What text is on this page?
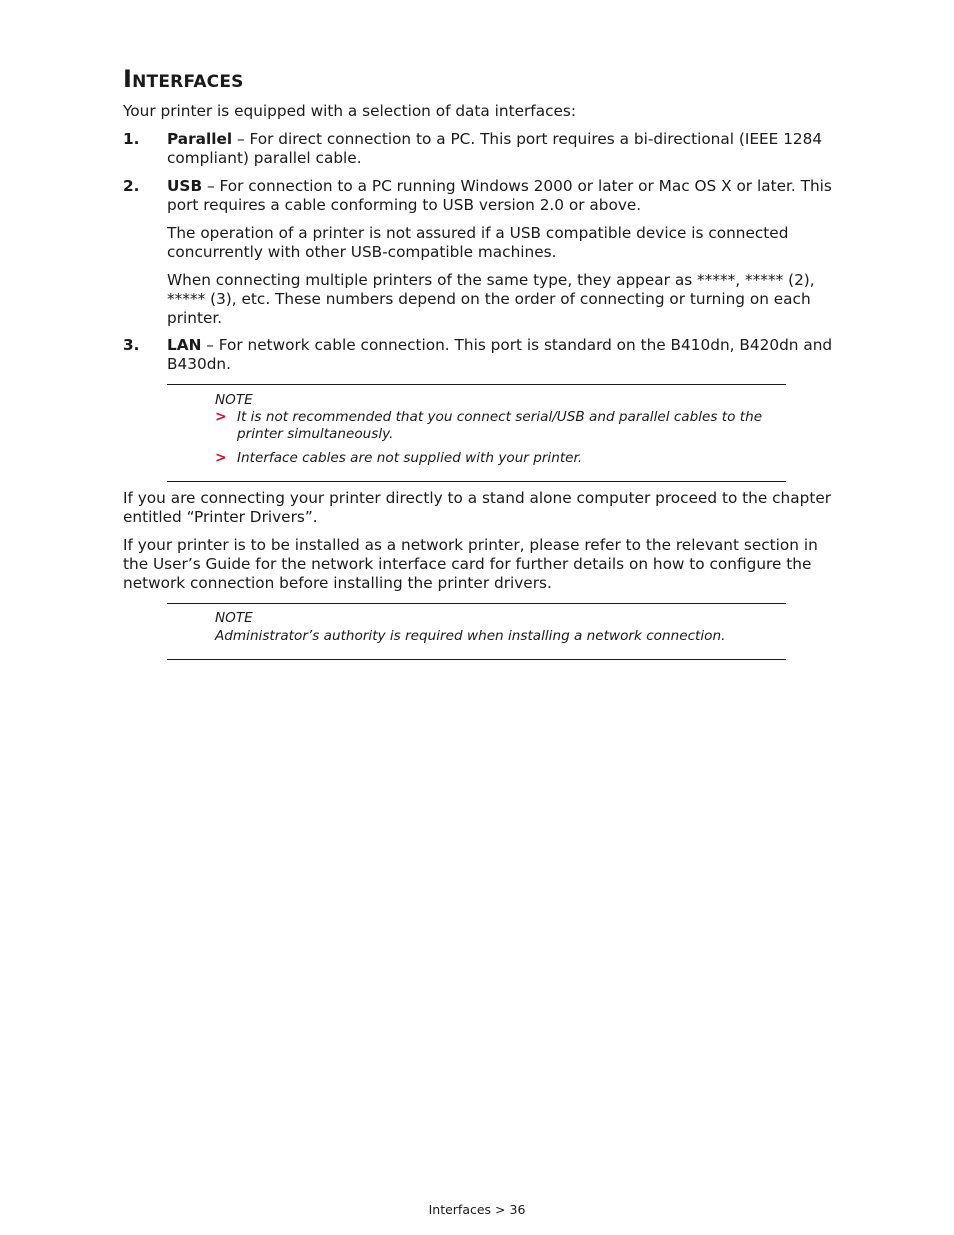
Interfaces

Your printer is equipped with a selection of data interfaces:

1. Parallel – For direct connection to a PC. This port requires a bi-directional (IEEE 1284 compliant) parallel cable.

2. USB – For connection to a PC running Windows 2000 or later or Mac OS X or later. This port requires a cable conforming to USB version 2.0 or above.

The operation of a printer is not assured if a USB compatible device is connected concurrently with other USB-compatible machines.

When connecting multiple printers of the same type, they appear as *****, ***** (2), ***** (3), etc. These numbers depend on the order of connecting or turning on each printer.

3. LAN – For network cable connection. This port is standard on the B410dn, B420dn and B430dn.

NOTE

> It is not recommended that you connect serial/USB and parallel cables to the printer simultaneously.

> Interface cables are not supplied with your printer.

If you are connecting your printer directly to a stand alone computer proceed to the chapter entitled “Printer Drivers”.

If your printer is to be installed as a network printer, please refer to the relevant section in the User’s Guide for the network interface card for further details on how to configure the network connection before installing the printer drivers.

NOTE

Administrator’s authority is required when installing a network connection.

Interfaces > 36
